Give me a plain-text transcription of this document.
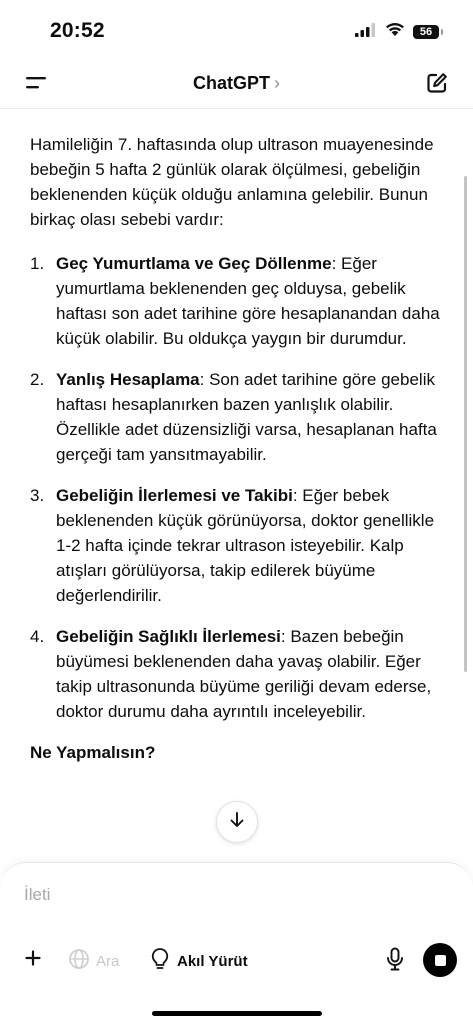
20:52	56
ChatGPT ›

Hamileliğin 7. haftasında olup ultrason muayenesinde bebeğin 5 hafta 2 günlük olarak ölçülmesi, gebeliğin beklenenden küçük olduğu anlamına gelebilir. Bunun birkaç olası sebebi vardır:

1. Geç Yumurtlama ve Geç Döllenme: Eğer yumurtlama beklenenden geç olduysa, gebelik haftası son adet tarihine göre hesaplanandan daha küçük olabilir. Bu oldukça yaygın bir durumdur.
2. Yanlış Hesaplama: Son adet tarihine göre gebelik haftası hesaplanırken bazen yanlışlık olabilir. Özellikle adet düzensizliği varsa, hesaplanan hafta gerçeği tam yansıtmayabilir.
3. Gebeliğin İlerlemesi ve Takibi: Eğer bebek beklenenden küçük görünüyorsa, doktor genellikle 1-2 hafta içinde tekrar ultrason isteyebilir. Kalp atışları görülüyorsa, takip edilerek büyüme değerlendirilir.
4. Gebeliğin Sağlıklı İlerlemesi: Bazen bebeğin büyümesi beklenenden daha yavaş olabilir. Eğer takip ultrasonunda büyüme geriliği devam ederse, doktor durumu daha ayrıntılı inceleyebilir.
Ne Yapmalısın?
İleti
Ara	Akıl Yürüt
